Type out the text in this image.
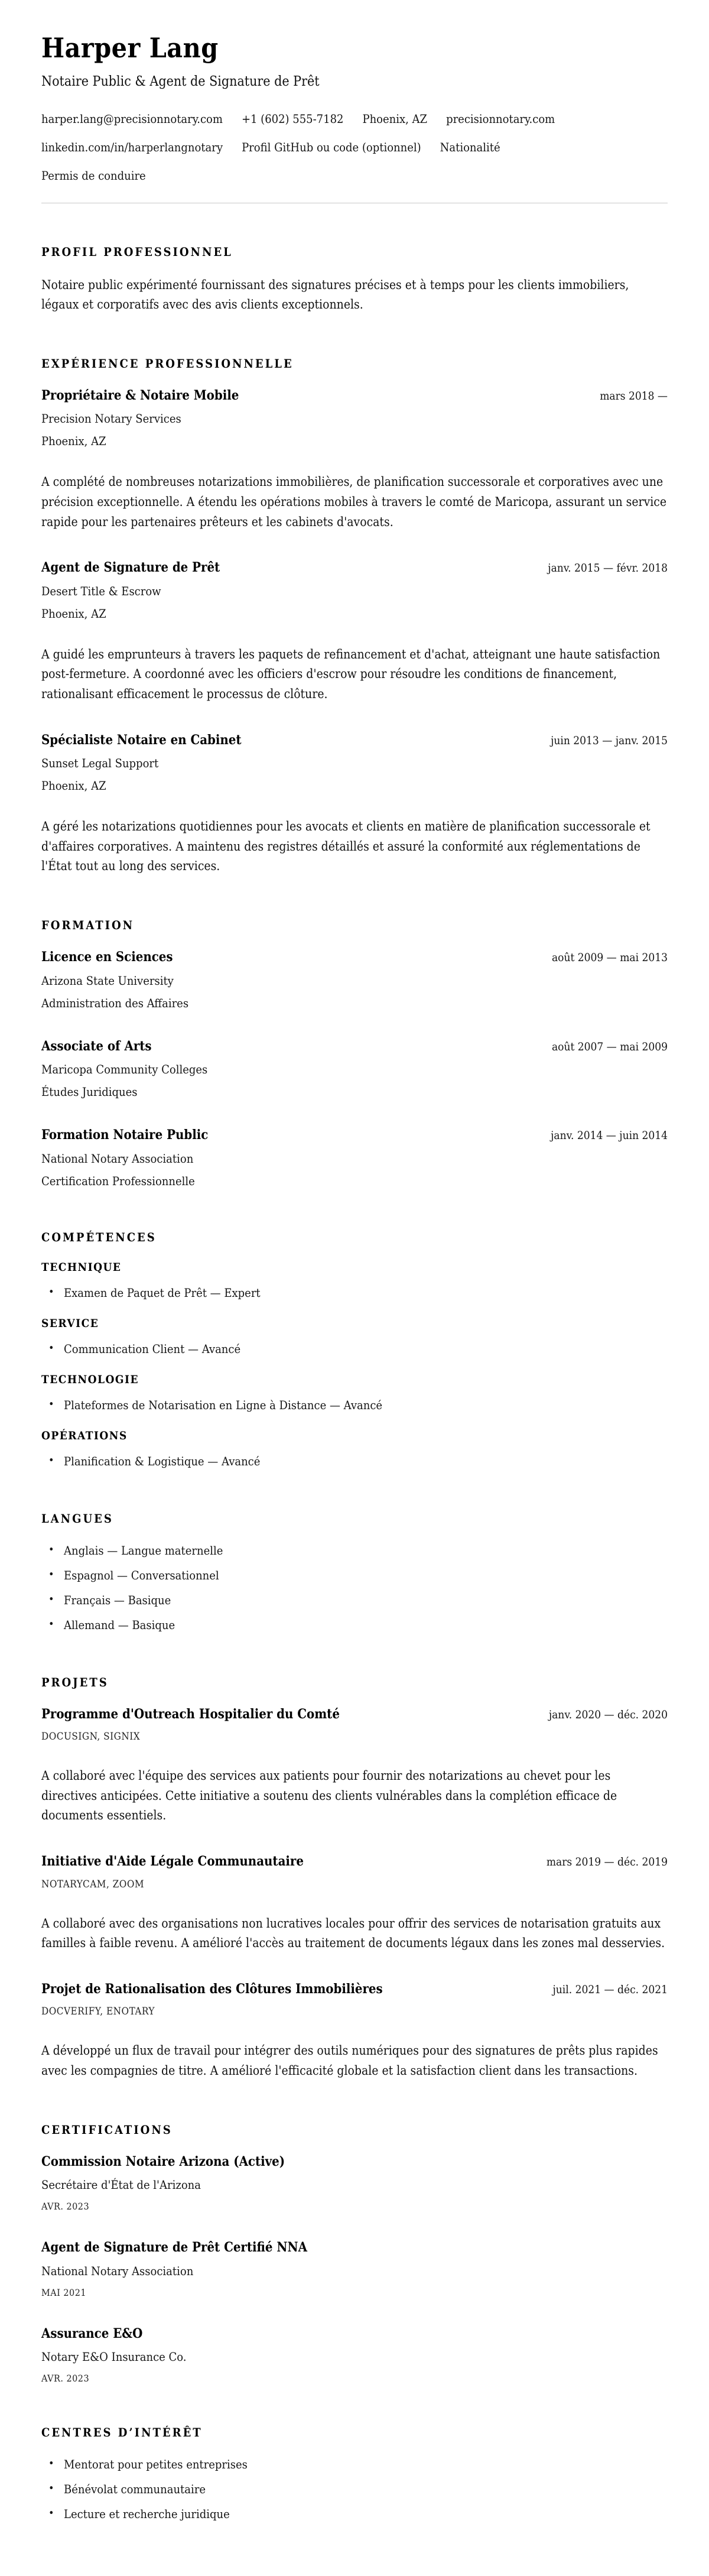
Harper Lang
Notaire Public & Agent de Signature de Prêt
harper.lang@precisionnotary.com +1 (602) 555-7182 Phoenix, AZ precisionnotary.com
linkedin.com/in/harperlangnotary Profil GitHub ou code (optionnel) Nationalité
Permis de conduire
PROFIL PROFESSIONNEL

Notaire public expérimenté fournissant des signatures précises et à temps pour les clients immobiliers, légaux et corporatifs avec des avis clients exceptionnels.

EXPÉRIENCE PROFESSIONNELLE
Propriétaire & Notaire Mobile	mars 2018 —
Precision Notary Services
Phoenix, AZ

A complété de nombreuses notarizations immobilières, de planification successorale et corporatives avec une précision exceptionnelle. A étendu les opérations mobiles à travers le comté de Maricopa, assurant un service rapide pour les partenaires prêteurs et les cabinets d'avocats.

Agent de Signature de Prêt	janv. 2015 — févr. 2018
Desert Title & Escrow
Phoenix, AZ

A guidé les emprunteurs à travers les paquets de refinancement et d'achat, atteignant une haute satisfaction post-fermeture. A coordonné avec les officiers d'escrow pour résoudre les conditions de financement, rationalisant efficacement le processus de clôture.

Spécialiste Notaire en Cabinet	juin 2013 — janv. 2015
Sunset Legal Support
Phoenix, AZ

A géré les notarizations quotidiennes pour les avocats et clients en matière de planification successorale et d'affaires corporatives. A maintenu des registres détaillés et assuré la conformité aux réglementations de l'État tout au long des services.

FORMATION
Licence en Sciences	août 2009 — mai 2013
Arizona State University
Administration des Affaires
Associate of Arts	août 2007 — mai 2009
Maricopa Community Colleges
Études Juridiques
Formation Notaire Public	janv. 2014 — juin 2014
National Notary Association
Certification Professionnelle
COMPÉTENCES
TECHNIQUE
• Examen de Paquet de Prêt — Expert
SERVICE
• Communication Client — Avancé
TECHNOLOGIE
• Plateformes de Notarisation en Ligne à Distance — Avancé
OPÉRATIONS
• Planification & Logistique — Avancé
LANGUES
• Anglais — Langue maternelle
• Espagnol — Conversationnel
• Français — Basique
• Allemand — Basique
PROJETS
Programme d'Outreach Hospitalier du Comté	janv. 2020 — déc. 2020
DOCUSIGN, SIGNIX

A collaboré avec l'équipe des services aux patients pour fournir des notarizations au chevet pour les directives anticipées. Cette initiative a soutenu des clients vulnérables dans la complétion efficace de documents essentiels.

Initiative d'Aide Légale Communautaire	mars 2019 — déc. 2019
NOTARYCAM, ZOOM

A collaboré avec des organisations non lucratives locales pour offrir des services de notarisation gratuits aux familles à faible revenu. A amélioré l'accès au traitement de documents légaux dans les zones mal desservies.

Projet de Rationalisation des Clôtures Immobilières	juil. 2021 — déc. 2021
DOCVERIFY, ENOTARY

A développé un flux de travail pour intégrer des outils numériques pour des signatures de prêts plus rapides avec les compagnies de titre. A amélioré l'efficacité globale et la satisfaction client dans les transactions.

CERTIFICATIONS
Commission Notaire Arizona (Active)
Secrétaire d'État de l'Arizona
AVR. 2023
Agent de Signature de Prêt Certifié NNA
National Notary Association
MAI 2021
Assurance E&O
Notary E&O Insurance Co.
AVR. 2023
CENTRES D’INTÉRÊT
• Mentorat pour petites entreprises
• Bénévolat communautaire
• Lecture et recherche juridique
